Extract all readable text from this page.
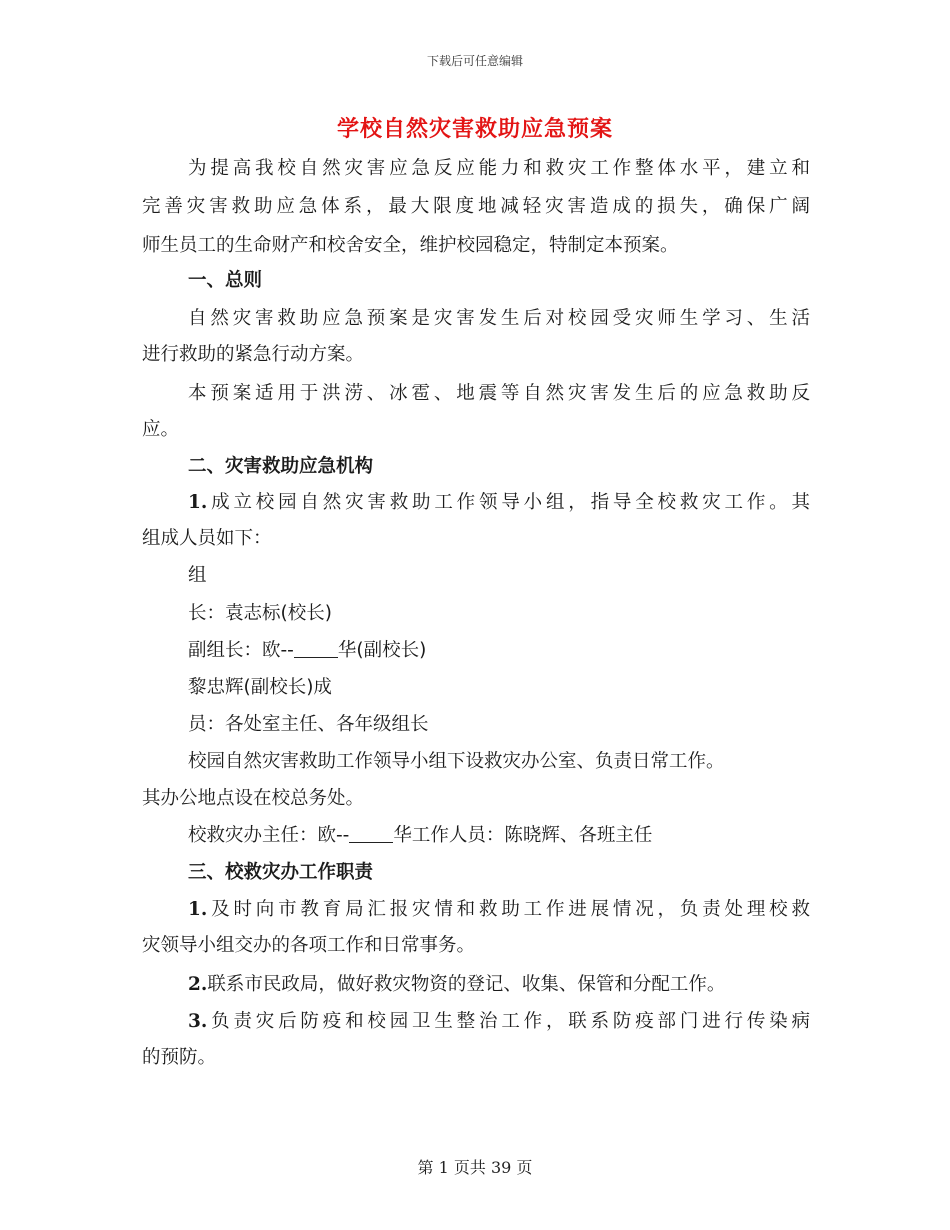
下载后可任意编辑
学校自然灾害救助应急预案
为提高我校自然灾害应急反应能力和救灾工作整体水平，建立和
完善灾害救助应急体系，最大限度地减轻灾害造成的损失，确保广阔
师生员工的生命财产和校舍安全，维护校园稳定，特制定本预案。
一、总则
自然灾害救助应急预案是灾害发生后对校园受灾师生学习、生活
进行救助的紧急行动方案。
本预案适用于洪涝、冰雹、地震等自然灾害发生后的应急救助反
应。
二、灾害救助应急机构
1.成立校园自然灾害救助工作领导小组，指导全校救灾工作。其
组成人员如下：
组
长：袁志标(校长)
副组长：欧-- 华(副校长)
黎忠辉(副校长)成
员：各处室主任、各年级组长
校园自然灾害救助工作领导小组下设救灾办公室、负责日常工作。
其办公地点设在校总务处。
校救灾办主任：欧-- 华工作人员：陈晓辉、各班主任
三、校救灾办工作职责
1.及时向市教育局汇报灾情和救助工作进展情况，负责处理校救
灾领导小组交办的各项工作和日常事务。
2.联系市民政局，做好救灾物资的登记、收集、保管和分配工作。
3.负责灾后防疫和校园卫生整治工作，联系防疫部门进行传染病
的预防。
第 1 页共 39 页
